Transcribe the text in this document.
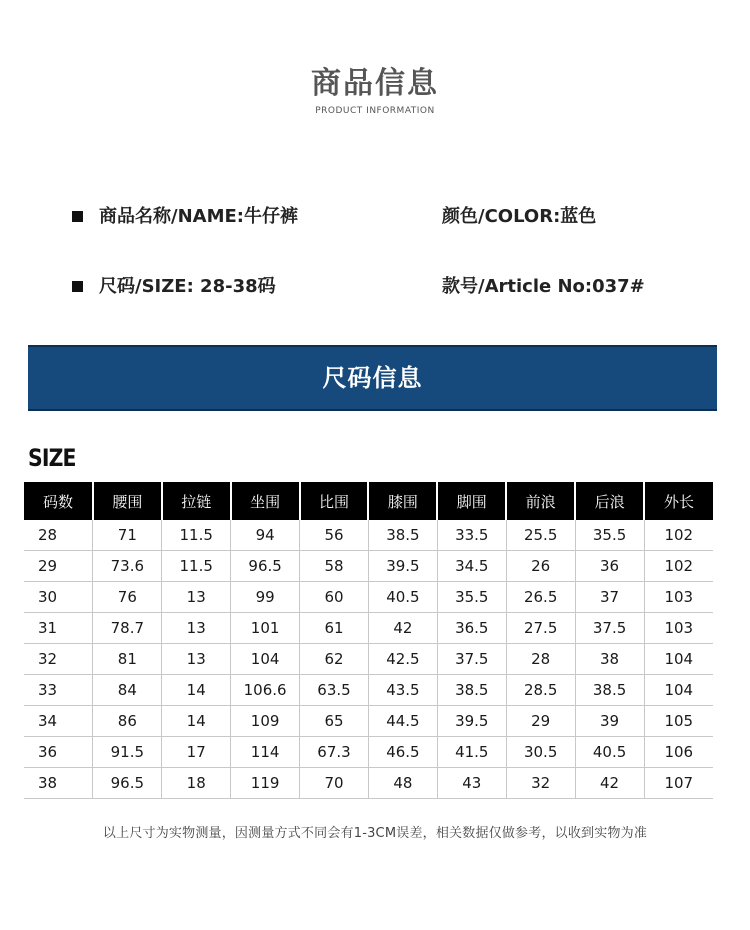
商品信息
PRODUCT INFORMATION
商品名称/NAME:牛仔裤	颜色/COLOR:蓝色
尺码/SIZE: 28-38码	款号/Article No:037#
尺码信息
SIZE
码数	腰围	拉链	坐围	比围	膝围	脚围	前浪	后浪	外长
28	71	11.5	94	56	38.5	33.5	25.5	35.5	102
29	73.6	11.5	96.5	58	39.5	34.5	26	36	102
30	76	13	99	60	40.5	35.5	26.5	37	103
31	78.7	13	101	61	42	36.5	27.5	37.5	103
32	81	13	104	62	42.5	37.5	28	38	104
33	84	14	106.6	63.5	43.5	38.5	28.5	38.5	104
34	86	14	109	65	44.5	39.5	29	39	105
36	91.5	17	114	67.3	46.5	41.5	30.5	40.5	106
38	96.5	18	119	70	48	43	32	42	107
以上尺寸为实物测量，因测量方式不同会有1-3CM误差，相关数据仅做参考，以收到实物为准
